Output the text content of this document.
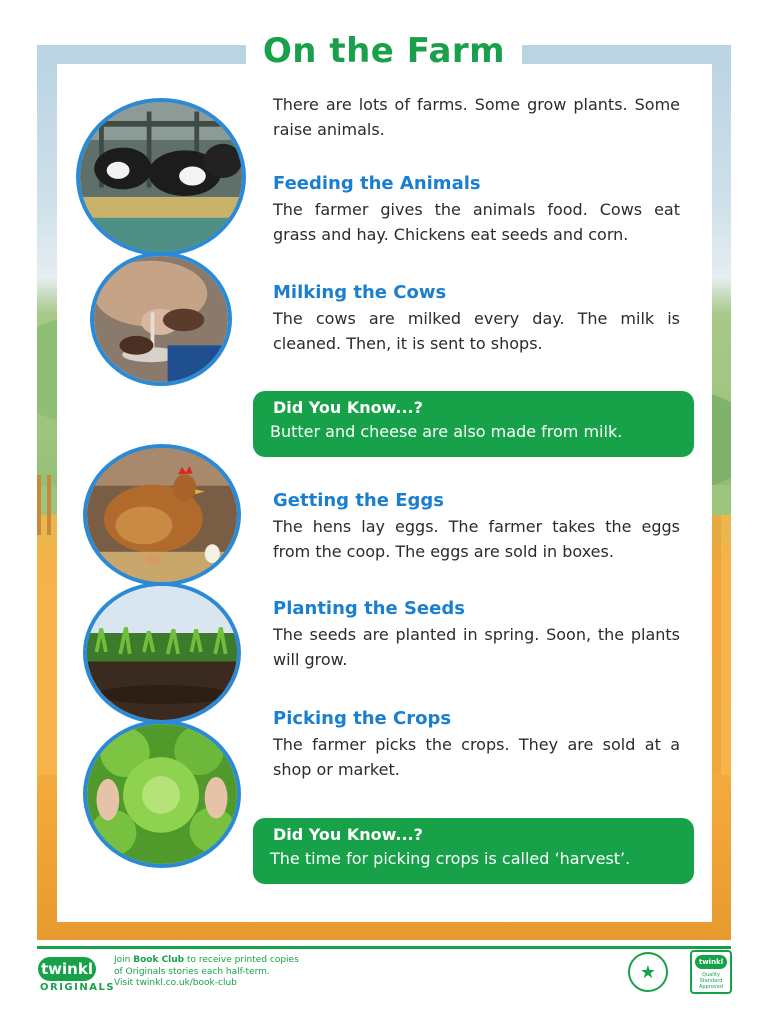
On the Farm

There are lots of farms. Some grow plants. Some raise animals.

Feeding the Animals

The farmer gives the animals food. Cows eat grass and hay. Chickens eat seeds and corn.

Milking the Cows

The cows are milked every day. The milk is cleaned. Then, it is sent to shops.

Did You Know...?
Butter and cheese are also made from milk.
Getting the Eggs

The hens lay eggs. The farmer takes the eggs from the coop. The eggs are sold in boxes.

Planting the Seeds

The seeds are planted in spring. Soon, the plants will grow.

Picking the Crops

The farmer picks the crops. They are sold at a shop or market.

Did You Know...?
The time for picking crops is called ‘harvest’.
twinkl
ORIGINALS
Join Book Club to receive printed copies
of Originals stories each half-term.
Visit twinkl.co.uk/book-club
★	twinkl
Quality Standard Approved
